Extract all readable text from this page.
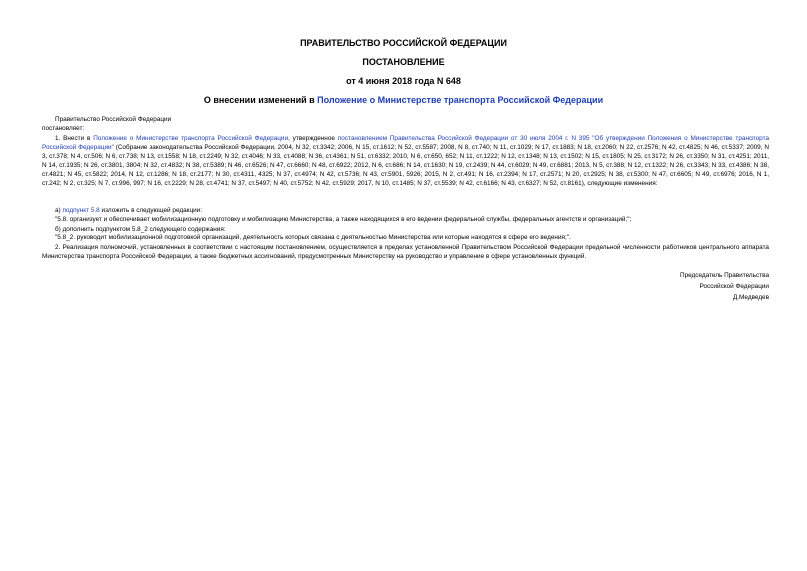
ПРАВИТЕЛЬСТВО РОССИЙСКОЙ ФЕДЕРАЦИИ
ПОСТАНОВЛЕНИЕ
от 4 июня 2018 года N 648
О внесении изменений в Положение о Министерстве транспорта Российской Федерации
Правительство Российской Федерации
постановляет:
1. Внести в Положение о Министерстве транспорта Российской Федерации, утвержденное постановлением Правительства Российской Федерации от 30 июля 2004 г. N 395 "Об утверждении Положения о Министерстве транспорта Российской Федерации" (Собрание законодательства Российской Федерации, 2004, N 32, ст.3342; 2006, N 15, ст.1612; N 52, ст.5587; 2008, N 8, ст.740; N 11, ст.1029; N 17, ст.1883; N 18, ст.2060; N 22, ст.2576; N 42, ст.4825; N 46, ст.5337; 2009, N 3, ст.378; N 4, ст.506; N 6, ст.738; N 13, ст.1558; N 18, ст.2249; N 32, ст.4046; N 33, ст.4088; N 36, ст.4361; N 51, ст.6332; 2010, N 6, ст.650, 652; N 11, ст.1222; N 12, ст.1348; N 13, ст.1502; N 15, ст.1805; N 25, ст.3172; N 26, ст.3350; N 31, ст.4251; 2011, N 14, ст.1935; N 26, ст.3801, 3804; N 32, ст.4832; N 38, ст.5389; N 46, ст.6526; N 47, ст.6660; N 48, ст.6922; 2012, N 6, ст.686; N 14, ст.1630; N 19, ст.2439; N 44, ст.6029; N 49, ст.6881; 2013, N 5, ст.388; N 12, ст.1322; N 26, ст.3343; N 33, ст.4386; N 38, ст.4821; N 45, ст.5822; 2014, N 12, ст.1286; N 18, ст.2177; N 30, ст.4311, 4325; N 37, ст.4974; N 42, ст.5736; N 43, ст.5901, 5926; 2015, N 2, ст.491; N 16, ст.2394; N 17, ст.2571; N 20, ст.2925; N 38, ст.5300; N 47, ст.6605; N 49, ст.6976; 2016, N 1, ст.242; N 2, ст.325; N 7, ст.996, 997; N 16, ст.2229; N 28, ст.4741; N 37, ст.5497; N 40, ст.5752; N 42, ст.5929; 2017, N 10, ст.1485; N 37, ст.5539; N 42, ст.6166; N 43, ст.6327; N 52, ст.8161), следующие изменения:
а) подпункт 5.8 изложить в следующей редакции:
"5.8. организует и обеспечивает мобилизационную подготовку и мобилизацию Министерства, а также находящихся в его ведении федеральной службы, федеральных агентств и организаций;";
б) дополнить подпунктом 5.8_2 следующего содержания:
"5.8_2. руководит мобилизационной подготовкой организаций, деятельность которых связана с деятельностью Министерства или которые находятся в сфере его ведения;".
2. Реализация полномочий, установленных в соответствии с настоящим постановлением, осуществляется в пределах установленной Правительством Российской Федерации предельной численности работников центрального аппарата Министерства транспорта Российской Федерации, а также бюджетных ассигнований, предусмотренных Министерству на руководство и управление в сфере установленных функций.
Председатель Правительства
Российской Федерации
Д.Медведев
